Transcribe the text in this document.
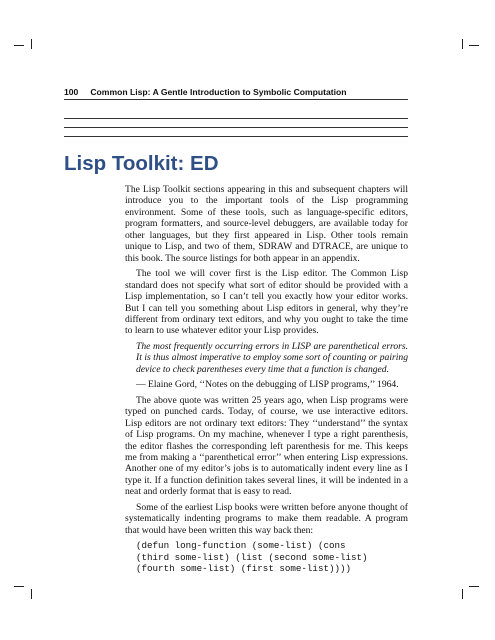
100 Common Lisp: A Gentle Introduction to Symbolic Computation
Lisp Toolkit: ED

The Lisp Toolkit sections appearing in this and subsequent chapters will introduce you to the important tools of the Lisp programming environment. Some of these tools, such as language-specific editors, program formatters, and source-level debuggers, are available today for other languages, but they first appeared in Lisp. Other tools remain unique to Lisp, and two of them, SDRAW and DTRACE, are unique to this book. The source listings for both appear in an appendix.

The tool we will cover first is the Lisp editor. The Common Lisp standard does not specify what sort of editor should be provided with a Lisp implementation, so I can’t tell you exactly how your editor works. But I can tell you something about Lisp editors in general, why they’re different from ordinary text editors, and why you ought to take the time to learn to use whatever editor your Lisp provides.

The most frequently occurring errors in LISP are parenthetical errors. It is thus almost imperative to employ some sort of counting or pairing device to check parentheses every time that a function is changed.
— Elaine Gord, ‘‘Notes on the debugging of LISP programs,’’ 1964.

The above quote was written 25 years ago, when Lisp programs were typed on punched cards. Today, of course, we use interactive editors. Lisp editors are not ordinary text editors: They ‘‘understand’’ the syntax of Lisp programs. On my machine, whenever I type a right parenthesis, the editor flashes the corresponding left parenthesis for me. This keeps me from making a ‘‘parenthetical error’’ when entering Lisp expressions. Another one of my editor’s jobs is to automatically indent every line as I type it. If a function definition takes several lines, it will be indented in a neat and orderly format that is easy to read.

Some of the earliest Lisp books were written before anyone thought of systematically indenting programs to make them readable. A program that would have been written this way back then:

(defun long-function (some-list) (cons
(third some-list) (list (second some-list)
(fourth some-list) (first some-list))))
